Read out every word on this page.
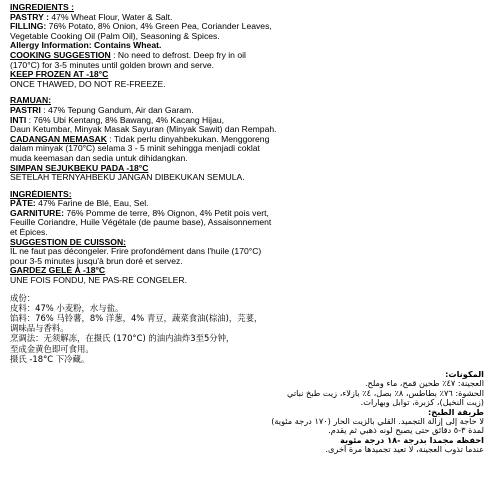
INGREDIENTS :
PASTRY : 47% Wheat Flour, Water & Salt.
FILLING: 76% Potato, 8% Onion, 4% Green Pea, Coriander Leaves,
Vegetable Cooking Oil (Palm Oil), Seasoning & Spices.
Allergy Information: Contains Wheat.
COOKING SUGGESTION : No need to defrost. Deep fry in oil
(170°C) for 3-5 minutes until golden brown and serve.
KEEP FROZEN AT -18°C
ONCE THAWED, DO NOT RE-FREEZE.
RAMUAN:
PASTRI : 47% Tepung Gandum, Air dan Garam.
INTI : 76% Ubi Kentang, 8% Bawang, 4% Kacang Hijau,
Daun Ketumbar, Minyak Masak Sayuran (Minyak Sawit) dan Rempah.
CADANGAN MEMASAK : Tidak perlu dinyahbekukan. Menggoreng
dalam minyak (170°C) selama 3 - 5 minit sehingga menjadi coklat
muda keemasan dan sedia untuk dihidangkan.
SIMPAN SEJUKBEKU PADA -18°C
SETELAH TERNYAHBEKU JANGAN DIBEKUKAN SEMULA.
INGRÉDIENTS:
PÂTE: 47% Farine de Blé, Eau, Sel.
GARNITURE: 76% Pomme de terre, 8% Oignon, 4% Petit pois vert,
Feuille Coriandre, Huile Végétale (de paume base), Assaisonnement
et Épices.
SUGGESTION DE CUISSON:
IL ne faut pas décongeler. Frire profondément dans l'huile (170°C)
pour 3-5 minutes jusqu'à brun doré et servez.
GARDEZ GELÉ À -18°C
UNE FOIS FONDU, NE PAS-RE CONGELER.
成份：
皮料：47% 小麦粉，水与盐。
馅料：76% 马铃薯，8% 洋葱，4% 青豆，蔬菜食油(棕油)，芫荽，
调味品与香料。
烹调法：无须解冻，在摄氏 (170°C) 的油内油炸3至5分钟，
至成金黄色即可食用。
摄氏 -18°C 下冷藏。
المكونات:
العجينة: ٤٧٪ طحين قمح، ماء وملح.
الحشوة: ٧٦٪ بطاطس، ٨٪ بصل، ٤٪ بازلاء، زيت طبخ نباتي
(زيت النخيل)، كزبرة، توابل وبهارات.
طريقة الطبخ:
لا حاجة إلى إزالة التجميد. القلي بالزيت الحار (١٧٠ درجة مئوية)
لمدة ٣-٥ دقائق حتى يصبح لونه ذهبي ثم يقدم.
احفظه مجمداً بدرجة -١٨ درجة مئوية
عندما تذوب العجينة، لا تعيد تجميدها مرة أخرى.
